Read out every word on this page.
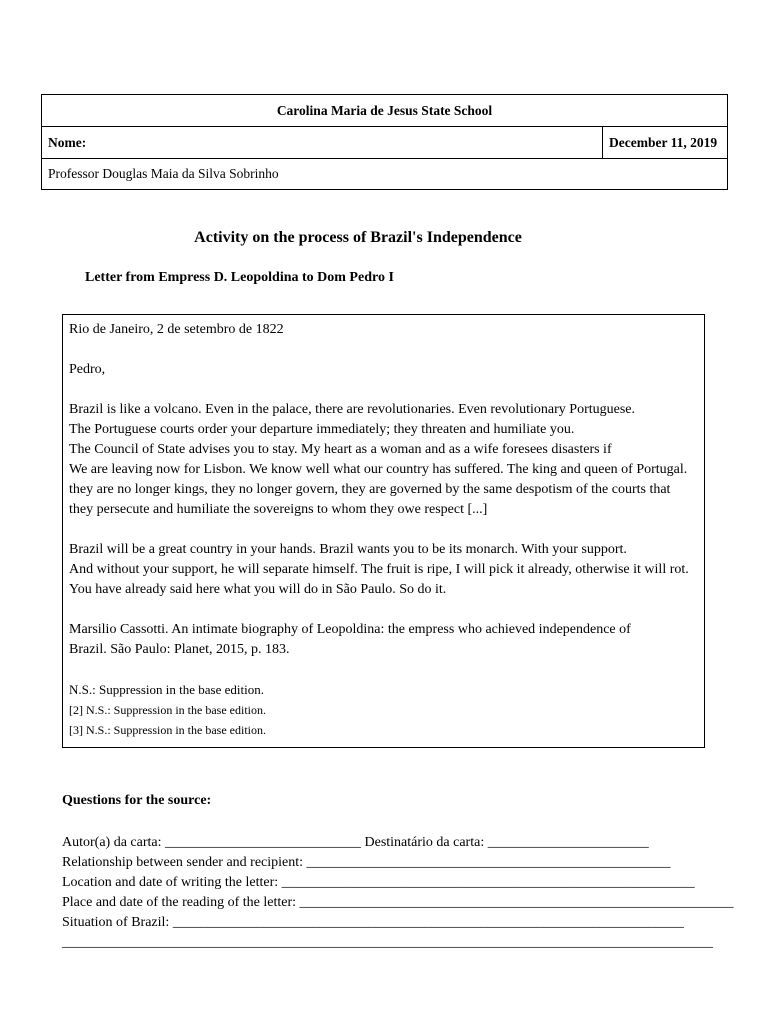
Carolina Maria de Jesus State School
Nome:	December 11, 2019
Professor Douglas Maia da Silva Sobrinho
Activity on the process of Brazil's Independence
Letter from Empress D. Leopoldina to Dom Pedro I

Rio de Janeiro, 2 de setembro de 1822

Pedro,

Brazil is like a volcano. Even in the palace, there are revolutionaries. Even revolutionary Portuguese.

The Portuguese courts order your departure immediately; they threaten and humiliate you.

The Council of State advises you to stay. My heart as a woman and as a wife foresees disasters if

We are leaving now for Lisbon. We know well what our country has suffered. The king and queen of Portugal.

they are no longer kings, they no longer govern, they are governed by the same despotism of the courts that

they persecute and humiliate the sovereigns to whom they owe respect [...]

Brazil will be a great country in your hands. Brazil wants you to be its monarch. With your support.

And without your support, he will separate himself. The fruit is ripe, I will pick it already, otherwise it will rot.

You have already said here what you will do in São Paulo. So do it.

Marsilio Cassotti. An intimate biography of Leopoldina: the empress who achieved independence of

Brazil. São Paulo: Planet, 2015, p. 183.

N.S.: Suppression in the base edition.

[2] N.S.: Suppression in the base edition.

[3] N.S.: Suppression in the base edition.

Questions for the source:
Autor(a) da carta: ____________________________ Destinatário da carta: _______________________
Relationship between sender and recipient: ____________________________________________________
Location and date of writing the letter: ___________________________________________________________
Place and date of the reading of the letter: ______________________________________________________________
Situation of Brazil: _________________________________________________________________________
_____________________________________________________________________________________________
